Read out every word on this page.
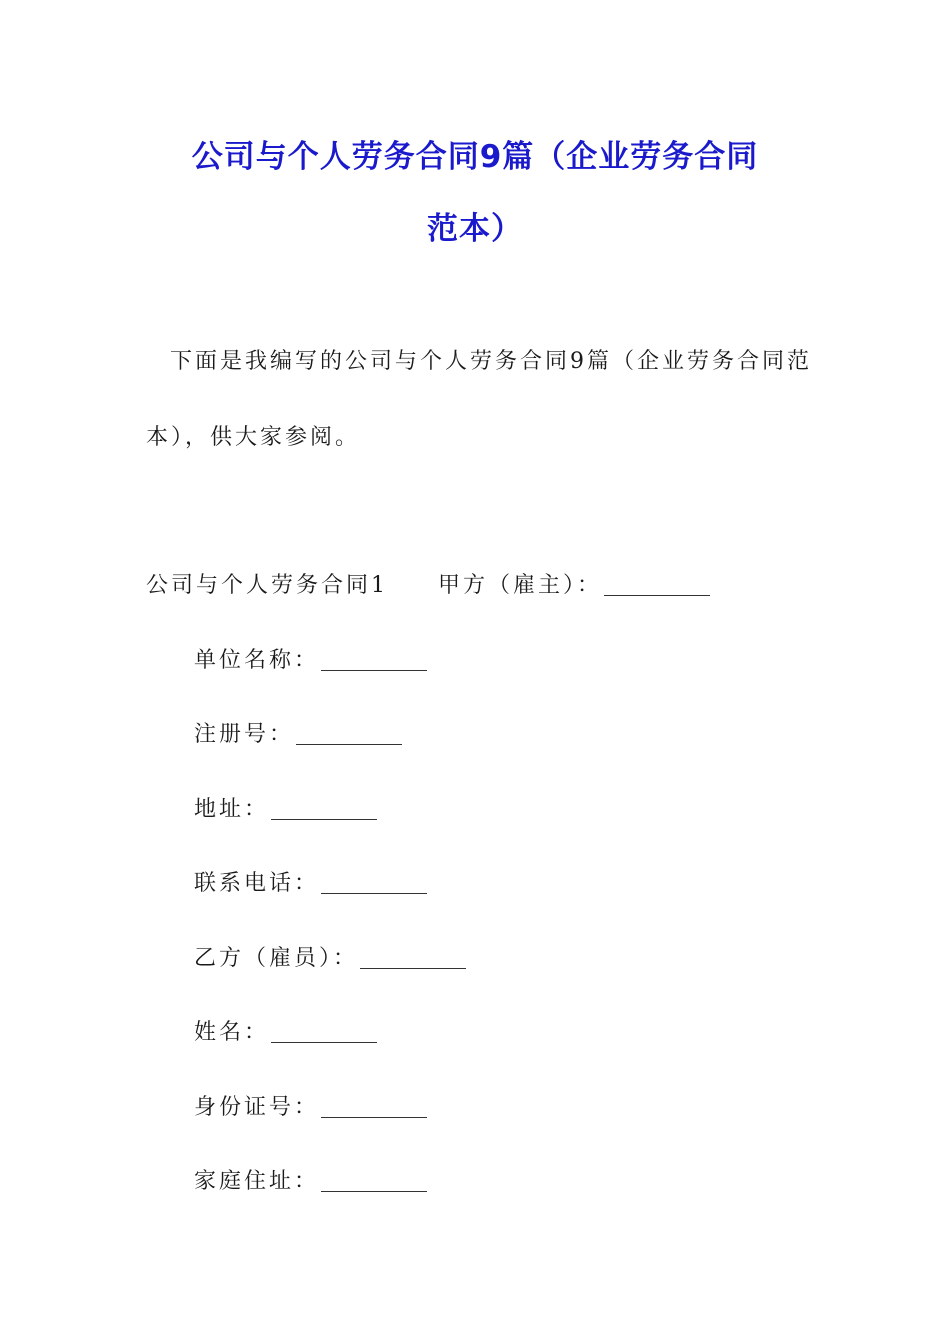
公司与个人劳务合同9篇（企业劳务合同
范本）
下面是我编写的公司与个人劳务合同9篇（企业劳务合同范
本），供大家参阅。
公司与个人劳务合同1 甲方（雇主）：
单位名称：
注册号：
地址：
联系电话：
乙方（雇员）：
姓名：
身份证号：
家庭住址：
